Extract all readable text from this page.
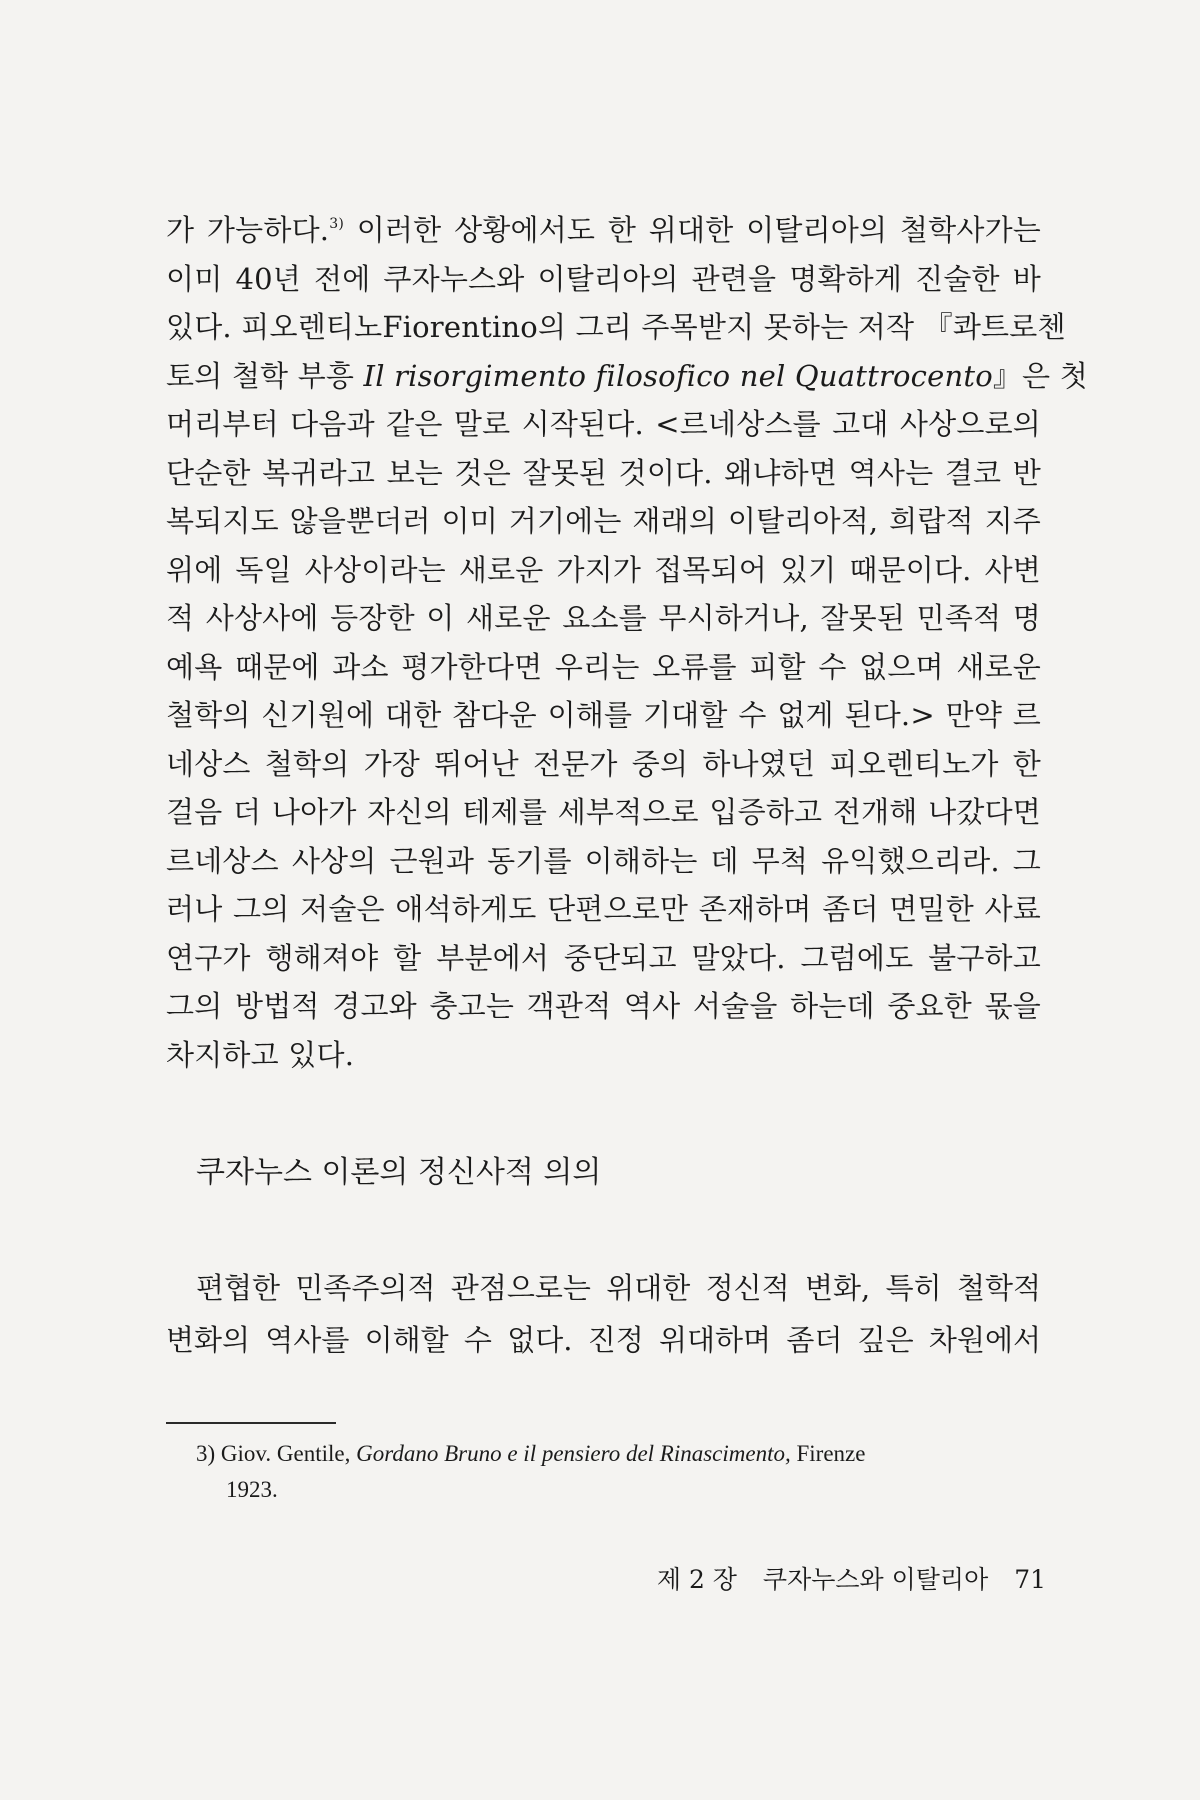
가 가능하다.$^{3)}$ 이러한 상황에서도 한 위대한 이탈리아의 철학사가는
이미 40년 전에 쿠자누스와 이탈리아의 관련을 명확하게 진술한 바
있다. 피오렌티노Fiorentino의 그리 주목받지 못하는 저작 『콰트로첸
토의 철학 부흥 Il risorgimento filosofico nel Quattrocento』은 첫
머리부터 다음과 같은 말로 시작된다. <르네상스를 고대 사상으로의
단순한 복귀라고 보는 것은 잘못된 것이다. 왜냐하면 역사는 결코 반
복되지도 않을뿐더러 이미 거기에는 재래의 이탈리아적, 희랍적 지주
위에 독일 사상이라는 새로운 가지가 접목되어 있기 때문이다. 사변
적 사상사에 등장한 이 새로운 요소를 무시하거나, 잘못된 민족적 명
예욕 때문에 과소 평가한다면 우리는 오류를 피할 수 없으며 새로운
철학의 신기원에 대한 참다운 이해를 기대할 수 없게 된다.> 만약 르
네상스 철학의 가장 뛰어난 전문가 중의 하나였던 피오렌티노가 한
걸음 더 나아가 자신의 테제를 세부적으로 입증하고 전개해 나갔다면
르네상스 사상의 근원과 동기를 이해하는 데 무척 유익했으리라. 그
러나 그의 저술은 애석하게도 단편으로만 존재하며 좀더 면밀한 사료
연구가 행해져야 할 부분에서 중단되고 말았다. 그럼에도 불구하고
그의 방법적 경고와 충고는 객관적 역사 서술을 하는데 중요한 몫을
차지하고 있다.
쿠자누스 이론의 정신사적 의의
편협한 민족주의적 관점으로는 위대한 정신적 변화, 특히 철학적
변화의 역사를 이해할 수 없다. 진정 위대하며 좀더 깊은 차원에서
3) Giov. Gentile, Gordano Bruno e il pensiero del Rinascimento, Firenze
1923.
제 2 장 쿠자누스와 이탈리아 71
